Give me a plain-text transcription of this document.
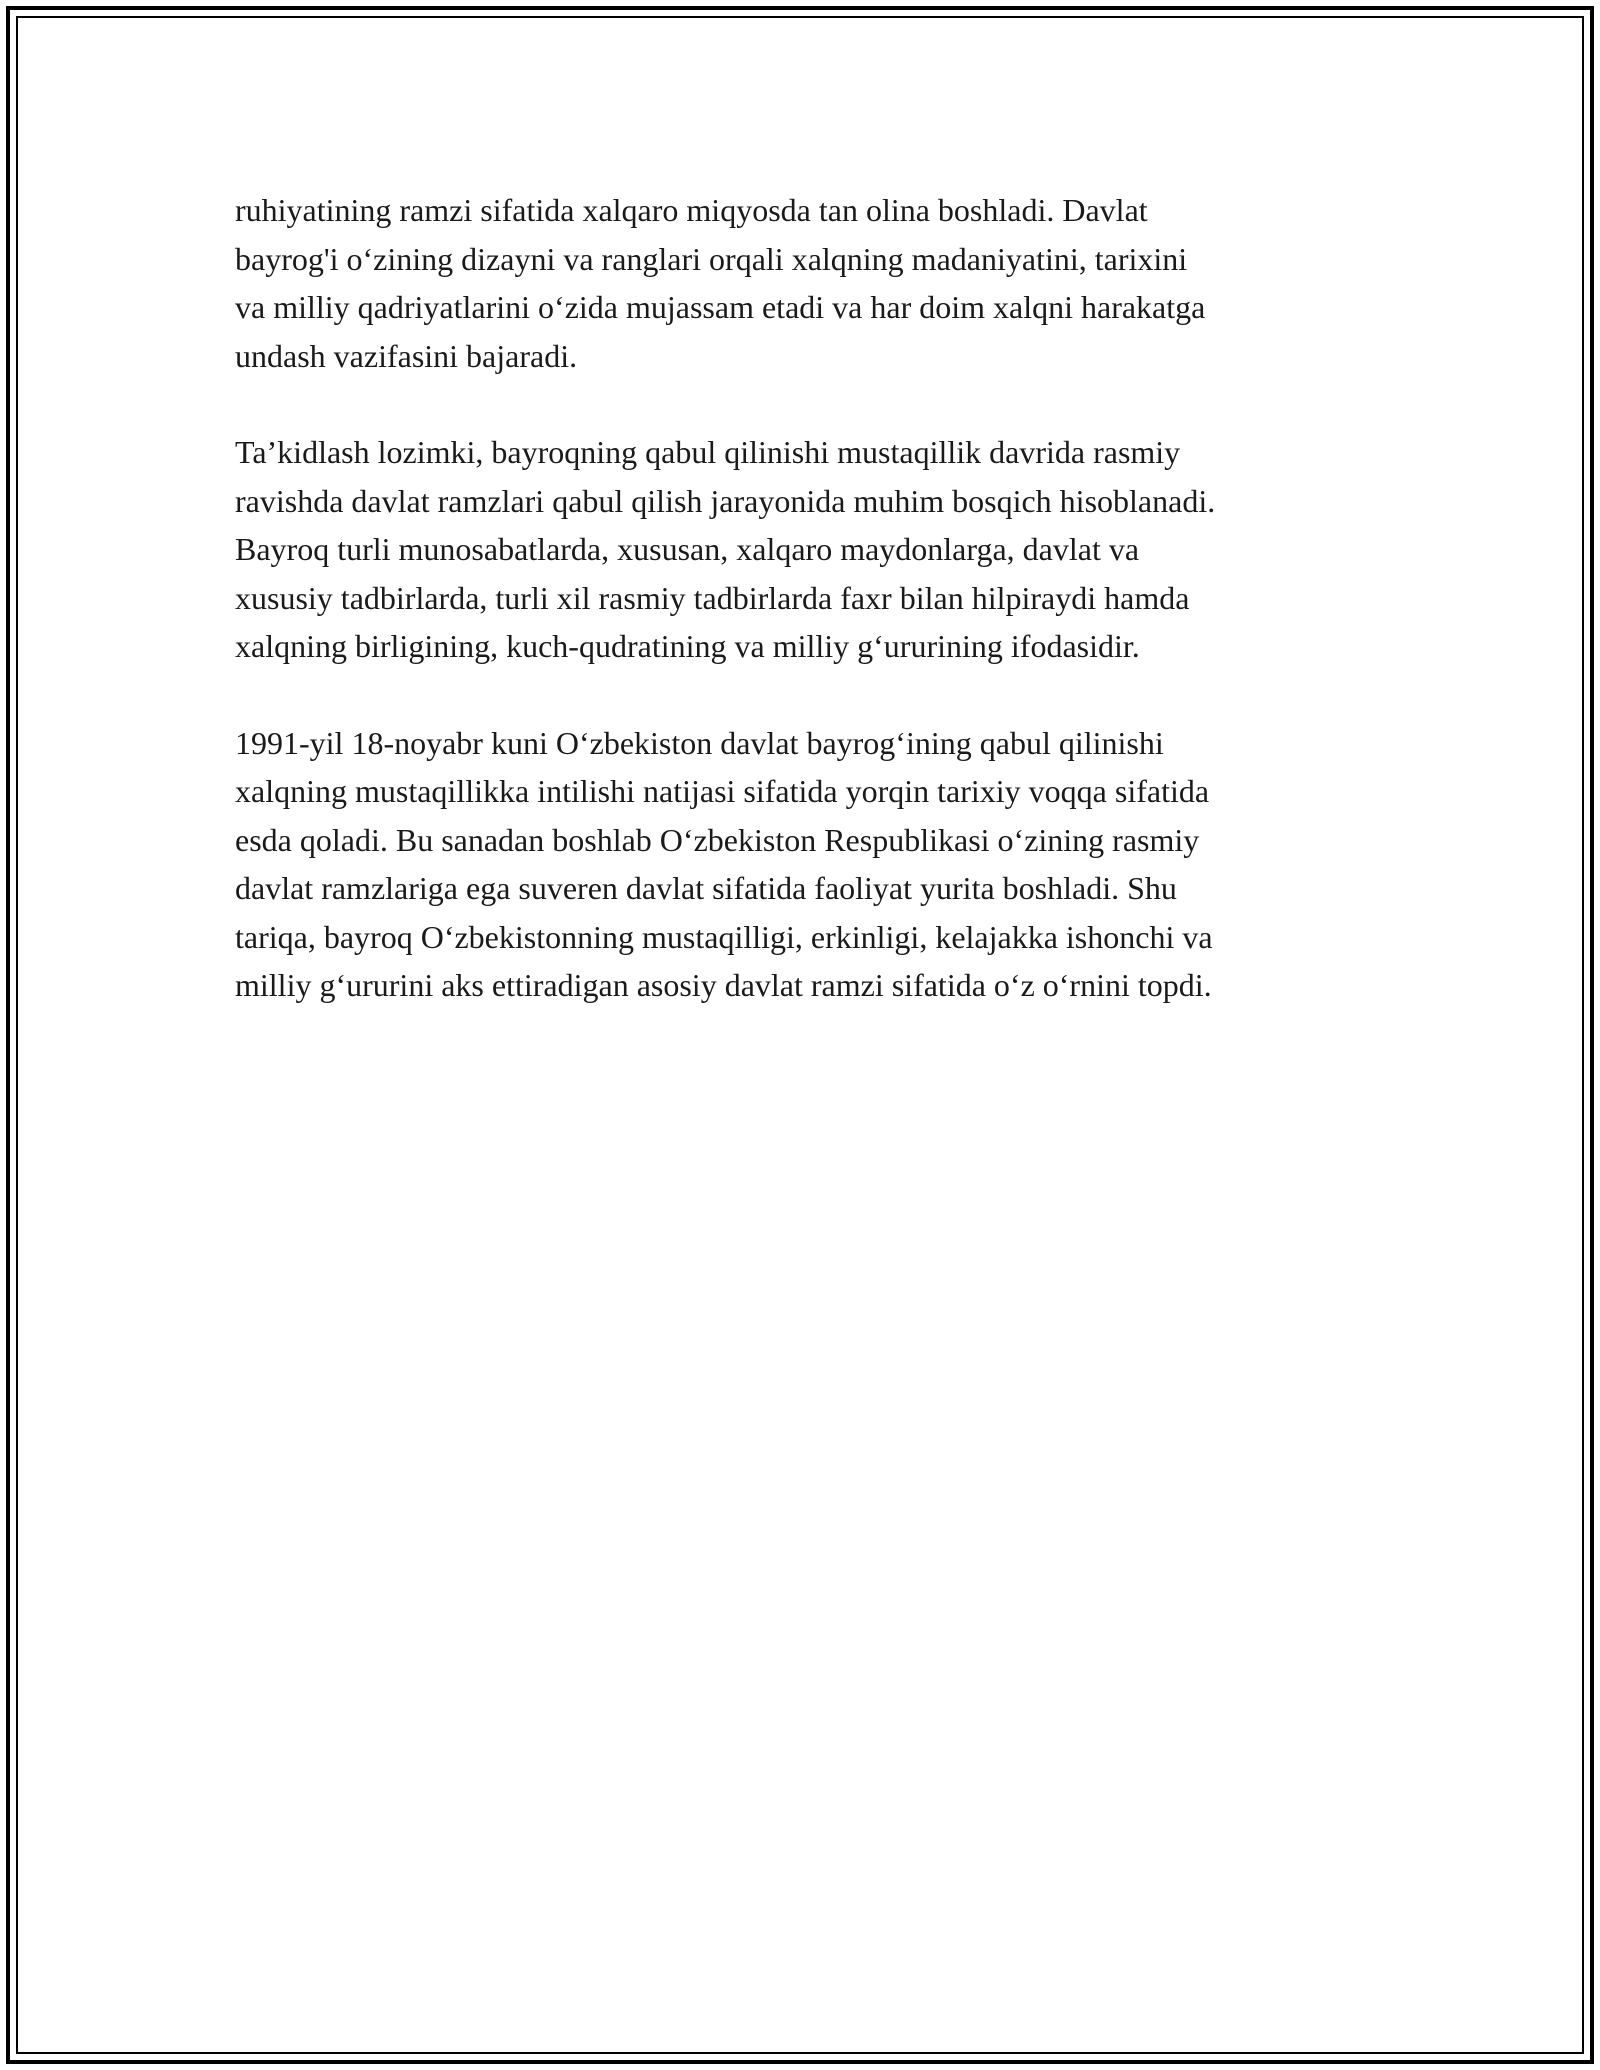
ruhiyatining ramzi sifatida xalqaro miqyosda tan olina boshladi. Davlat
bayrog'i o‘zining dizayni va ranglari orqali xalqning madaniyatini, tarixini
va milliy qadriyatlarini o‘zida mujassam etadi va har doim xalqni harakatga
undash vazifasini bajaradi.

Ta’kidlash lozimki, bayroqning qabul qilinishi mustaqillik davrida rasmiy
ravishda davlat ramzlari qabul qilish jarayonida muhim bosqich hisoblanadi.
Bayroq turli munosabatlarda, xususan, xalqaro maydonlarga, davlat va
xususiy tadbirlarda, turli xil rasmiy tadbirlarda faxr bilan hilpiraydi hamda
xalqning birligining, kuch-qudratining va milliy g‘ururining ifodasidir.

1991-yil 18-noyabr kuni O‘zbekiston davlat bayrog‘ining qabul qilinishi
xalqning mustaqillikka intilishi natijasi sifatida yorqin tarixiy voqqa sifatida
esda qoladi. Bu sanadan boshlab O‘zbekiston Respublikasi o‘zining rasmiy
davlat ramzlariga ega suveren davlat sifatida faoliyat yurita boshladi. Shu
tariqa, bayroq O‘zbekistonning mustaqilligi, erkinligi, kelajakka ishonchi va
milliy g‘ururini aks ettiradigan asosiy davlat ramzi sifatida o‘z o‘rnini topdi.
